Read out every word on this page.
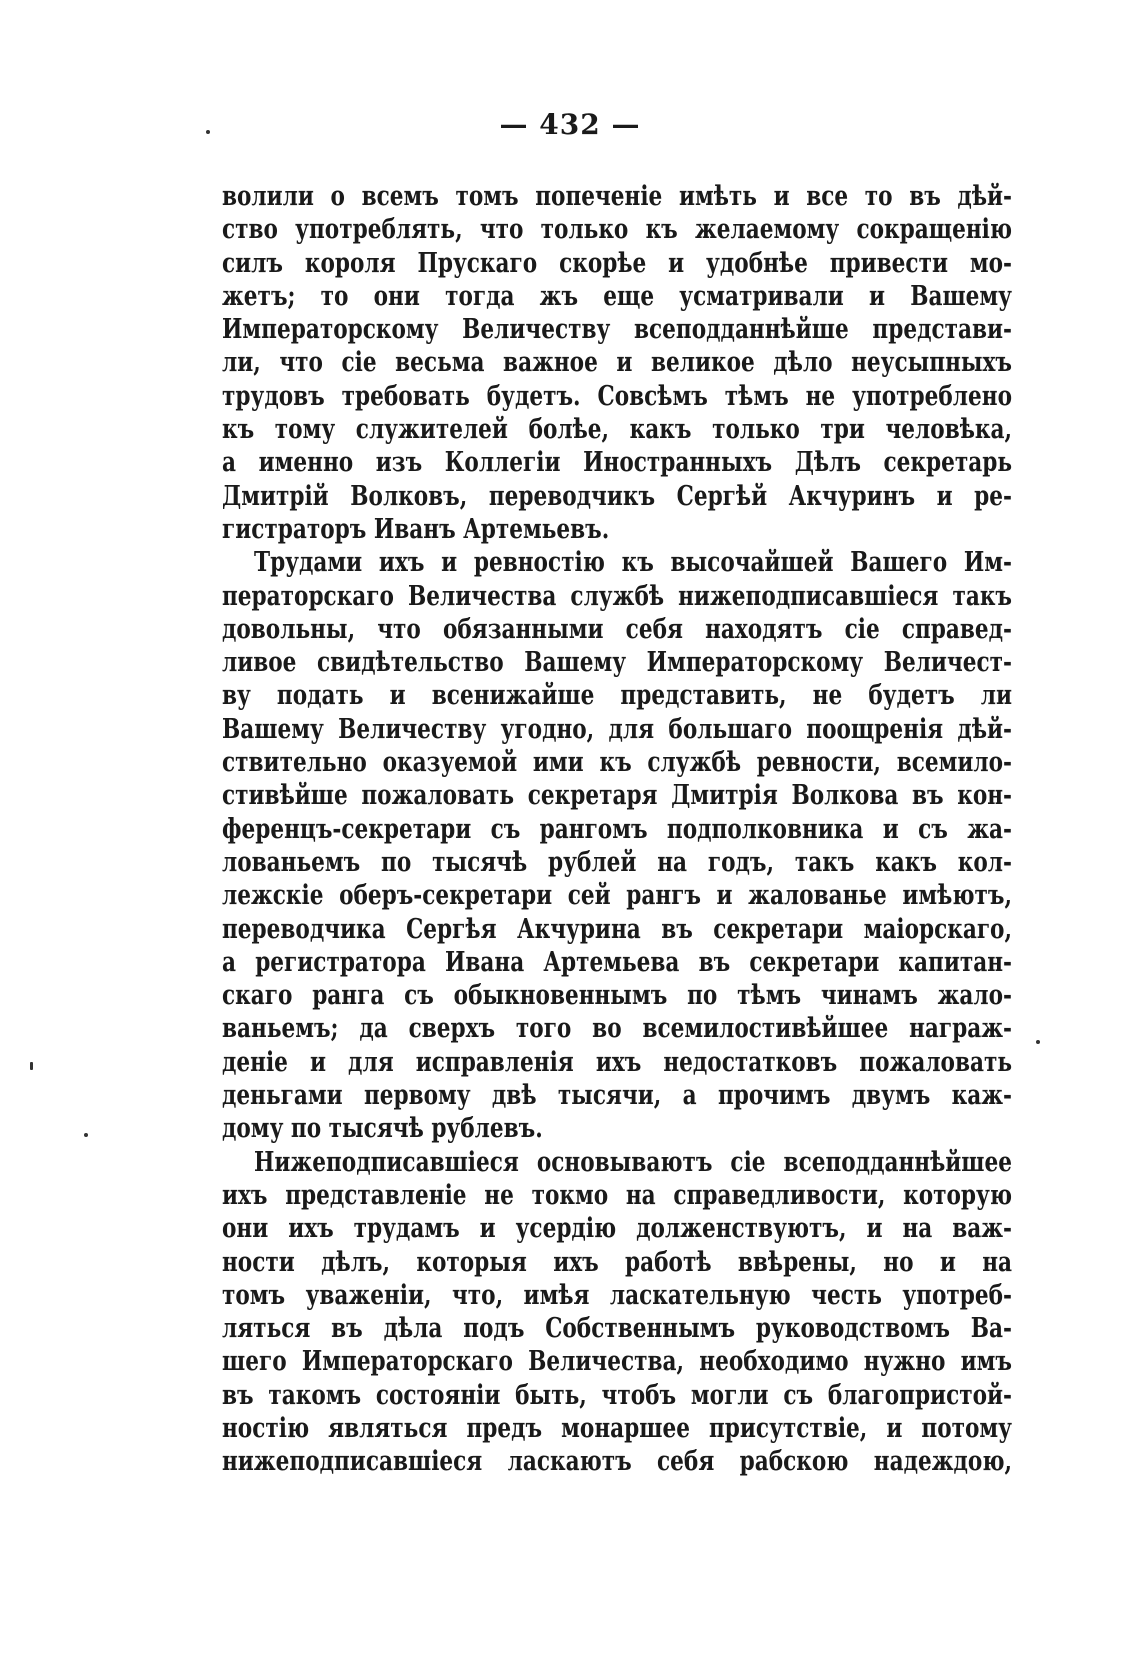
— 432 —
волили о всемъ томъ попеченіе имѣть и все то въ дѣй-
ство употреблять, что только къ желаемому сокращенію
силъ короля Прускаго скорѣе и удобнѣе привести мо-
жетъ; то они тогда жъ еще усматривали и Вашему
Императорскому Величеству всеподданнѣйше представи-
ли, что сіе весьма важное и великое дѣло неусыпныхъ
трудовъ требовать будетъ. Совсѣмъ тѣмъ не употреблено
къ тому служителей болѣе, какъ только три человѣка,
а именно изъ Коллегіи Иностранныхъ Дѣлъ секретарь
Дмитрій Волковъ, переводчикъ Сергѣй Акчуринъ и ре-
гистраторъ Иванъ Артемьевъ.
Трудами ихъ и ревностію къ высочайшей Вашего Им-
ператорскаго Величества службѣ нижеподписавшіеся такъ
довольны, что обязанными себя находятъ сіе справед-
ливое свидѣтельство Вашему Императорскому Величест-
ву подать и всенижайше представить, не будетъ ли
Вашему Величеству угодно, для большаго поощренія дѣй-
ствительно оказуемой ими къ службѣ ревности, всемило-
стивѣйше пожаловать секретаря Дмитрія Волкова въ кон-
ференцъ-секретари съ рангомъ подполковника и съ жа-
лованьемъ по тысячѣ рублей на годъ, такъ какъ кол-
лежскіе оберъ-секретари сей рангъ и жалованье имѣютъ,
переводчика Сергѣя Акчурина въ секретари маіорскаго,
а регистратора Ивана Артемьева въ секретари капитан-
скаго ранга съ обыкновеннымъ по тѣмъ чинамъ жало-
ваньемъ; да сверхъ того во всемилостивѣйшее награж-
деніе и для исправленія ихъ недостатковъ пожаловать
деньгами первому двѣ тысячи, а прочимъ двумъ каж-
дому по тысячѣ рублевъ.
Нижеподписавшіеся основываютъ сіе всеподданнѣйшее
ихъ представленіе не токмо на справедливости, которую
они ихъ трудамъ и усердію долженствуютъ, и на важ-
ности дѣлъ, которыя ихъ работѣ ввѣрены, но и на
томъ уваженіи, что, имѣя ласкательную честь употреб-
ляться въ дѣла подъ Собственнымъ руководствомъ Ва-
шего Императорскаго Величества, необходимо нужно имъ
въ такомъ состояніи быть, чтобъ могли съ благопристой-
ностію являться предъ монаршее присутствіе, и потому
нижеподписавшіеся ласкаютъ себя рабскою надеждою,
